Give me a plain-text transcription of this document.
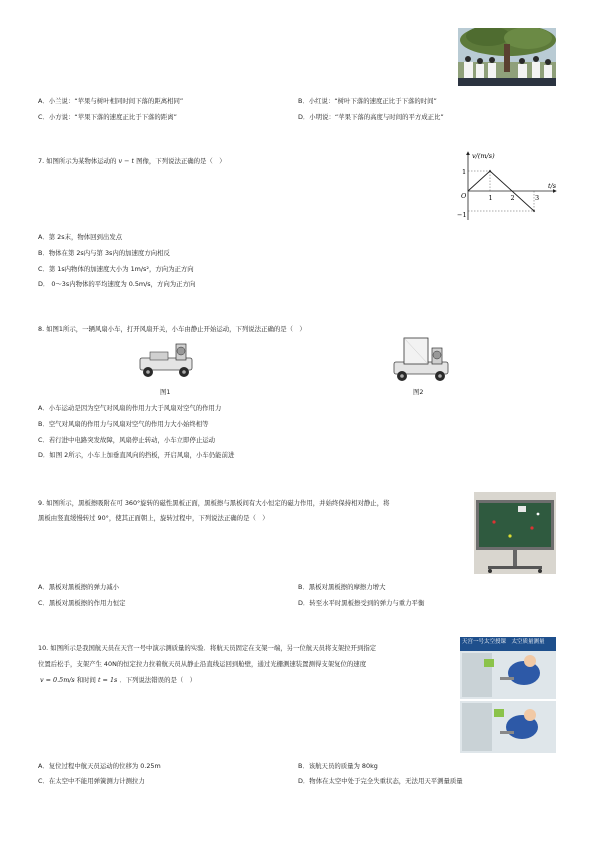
A．小兰说：“苹果与树叶相同时间下落的距离相同”	B．小红说：“树叶下落的速度正比于下落的时间”
C．小方说：“苹果下落的速度正比于下落的距离”	D．小明说：“苹果下落的高度与时间的平方成正比”
7. 如图所示为某物体运动的 v − t 图像，下列说法正确的是（　）
v/(m/s)
t/s
O
1
−1
1	2	3
A．第 2s末，物体回到出发点
B．物体在第 2s内与第 3s内的加速度方向相反
C．第 1s内物体的加速度大小为 1m/s²，方向为正方向
D． 0～3s内物体的平均速度为 0.5m/s，方向为正方向
8. 如图1所示，一辆风扇小车，打开风扇开关，小车由静止开始运动，下列说法正确的是（　）
图1	图2
A．小车运动是因为空气对风扇的作用力大于风扇对空气的作用力
B．空气对风扇的作用力与风扇对空气的作用力大小始终相等
C．若行进中电路突发故障，风扇停止转动，小车立即停止运动
D．如图 2所示，小车上加垂直风向的挡板，开启风扇，小车仍能前进
9. 如图所示，黑板擦吸附在可 360°旋转的磁性黑板正面，黑板擦与黑板间有大小恒定的磁力作用，并始终保持相对静止，将
黑板由竖直缓慢转过 90°，使其正面朝上，旋转过程中，下列说法正确的是（　）
A．黑板对黑板擦的弹力减小	B．黑板对黑板擦的摩擦力增大
C．黑板对黑板擦的作用力恒定	D．转至水平时黑板擦受到的弹力与重力平衡
10. 如图所示是我国航天员在天宫一号中演示测质量的实验．将航天员固定在支架一端，另一位航天员将支架拉开到指定
位置后松手，支架产生 40N的恒定拉力拉着航天员从静止沿直线运回到舱壁，通过光栅测速装置测得支架复位的速度
v = 0.5m/s 和时间 t = 1s ．下列说法错误的是（　）
天宫一号太空授课　太空质量测量
A．复位过程中航天员运动的位移为 0.25m	B．该航天员的质量为 80kg
C．在太空中不能用弹簧测力计测拉力	D．物体在太空中处于完全失重状态，无法用天平测量质量
